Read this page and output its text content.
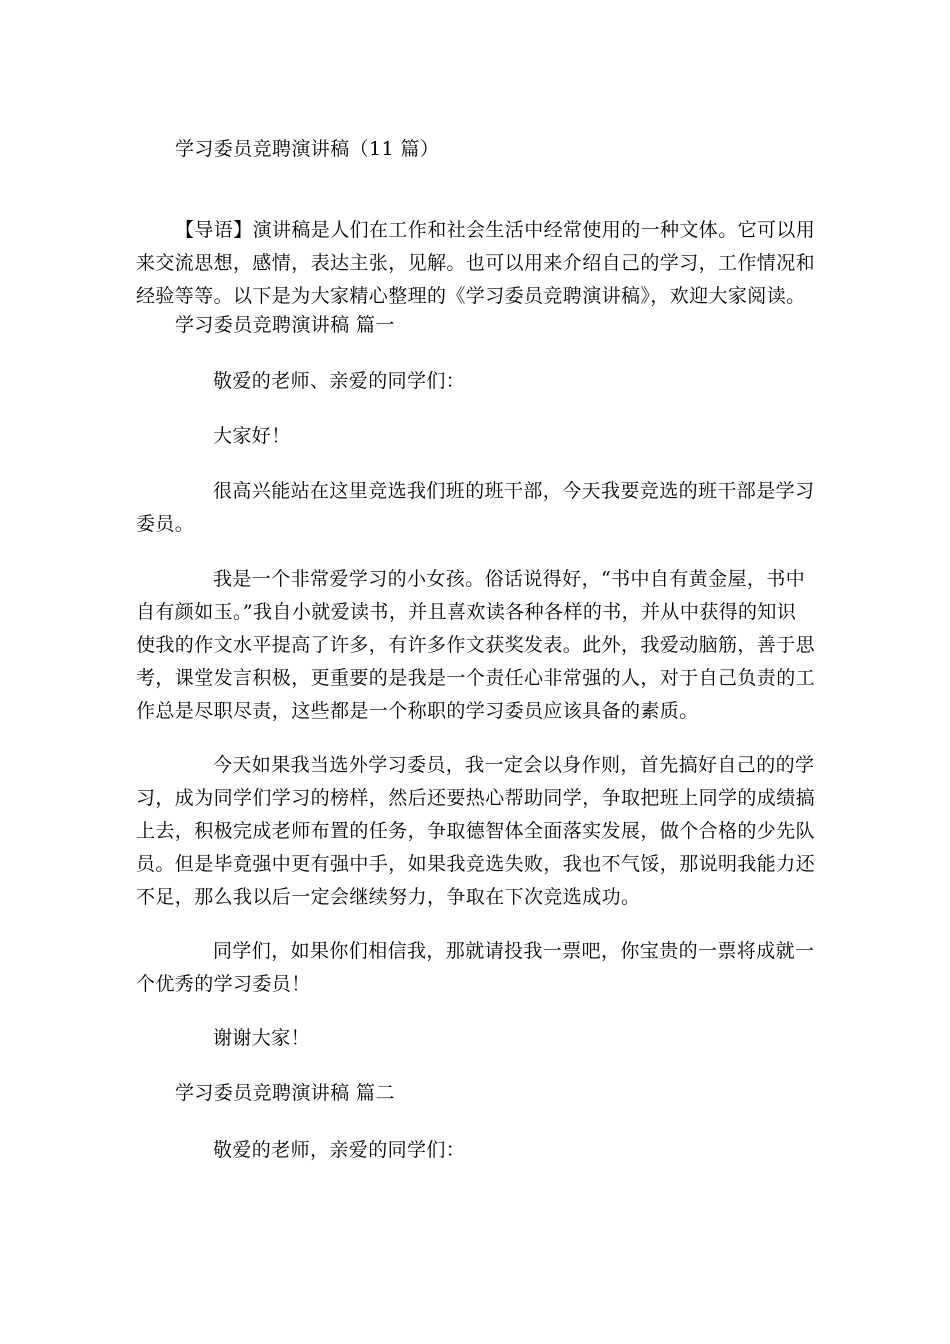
学习委员竞聘演讲稿（11 篇）
【导语】演讲稿是人们在工作和社会生活中经常使用的一种文体。它可以用
来交流思想，感情，表达主张，见解。也可以用来介绍自己的学习，工作情况和
经验等等。以下是为大家精心整理的《学习委员竞聘演讲稿》，欢迎大家阅读。
学习委员竞聘演讲稿 篇一
敬爱的老师、亲爱的同学们：
大家好！
很高兴能站在这里竞选我们班的班干部，今天我要竞选的班干部是学习
委员。
我是一个非常爱学习的小女孩。俗话说得好，“书中自有黄金屋，书中
自有颜如玉。”我自小就爱读书，并且喜欢读各种各样的书，并从中获得的知识
使我的作文水平提高了许多，有许多作文获奖发表。此外，我爱动脑筋，善于思
考，课堂发言积极，更重要的是我是一个责任心非常强的人，对于自己负责的工
作总是尽职尽责，这些都是一个称职的学习委员应该具备的素质。
今天如果我当选外学习委员，我一定会以身作则，首先搞好自己的的学
习，成为同学们学习的榜样，然后还要热心帮助同学，争取把班上同学的成绩搞
上去，积极完成老师布置的任务，争取德智体全面落实发展，做个合格的少先队
员。但是毕竟强中更有强中手，如果我竞选失败，我也不气馁，那说明我能力还
不足，那么我以后一定会继续努力，争取在下次竞选成功。
同学们，如果你们相信我，那就请投我一票吧，你宝贵的一票将成就一
个优秀的学习委员！
谢谢大家！
学习委员竞聘演讲稿 篇二
敬爱的老师，亲爱的同学们：
